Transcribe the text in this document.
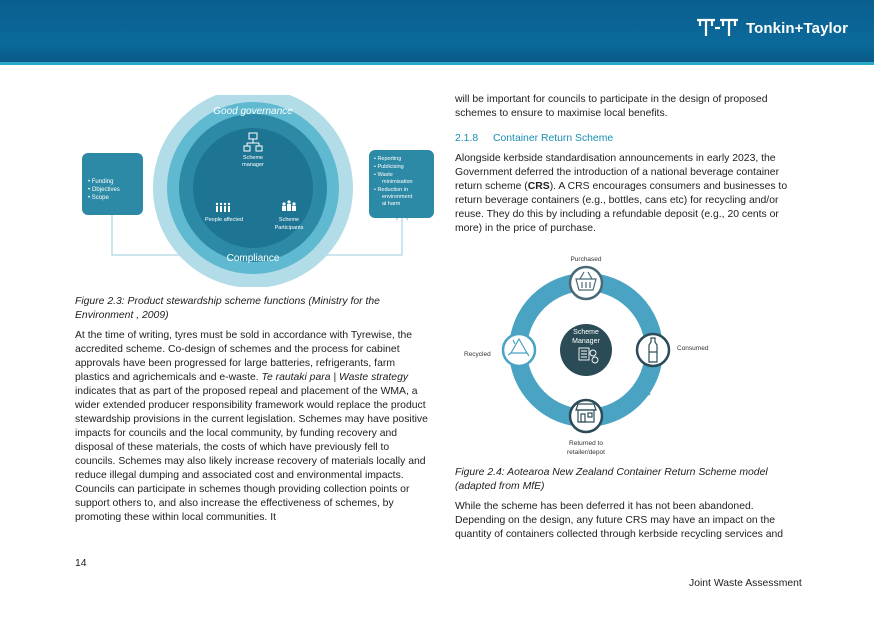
Tonkin+Taylor
Good governance
Compliance
Scheme manager
People affected	Scheme Participants
• Funding • Objectives • Scope
• Reporting • Publicising • Waste minimisation • Reduction in environment al harm

Figure 2.3: Product stewardship scheme functions (Ministry for the Environment , 2009)

At the time of writing, tyres must be sold in accordance with Tyrewise, the accredited scheme. Co-design of schemes and the process for cabinet approvals have been progressed for large batteries, refrigerants, farm plastics and agrichemicals and e-waste. Te rautaki para | Waste strategy indicates that as part of the proposed repeal and placement of the WMA, a wider extended producer responsibility framework would replace the product stewardship provisions in the current legislation. Schemes may have positive impacts for councils and the local community, by funding recovery and disposal of these materials, the costs of which have previously fell to councils. Schemes may also likely increase recovery of materials locally and reduce illegal dumping and associated cost and environmental impacts. Councils can participate in schemes though providing collection points or support others to, and also increase the effectiveness of schemes, by promoting these within local communities. It

will be important for councils to participate in the design of proposed schemes to ensure to maximise local benefits.

2.1.8 Container Return Scheme

Alongside kerbside standardisation announcements in early 2023, the Government deferred the introduction of a national beverage container return scheme (CRS). A CRS encourages consumers and businesses to return beverage containers (e.g., bottles, cans etc) for recycling and/or reuse. They do this by including a refundable deposit (e.g., 20 cents or more) in the price of purchase.

Scheme Manager
Purchased
Consumed
Returned to retailer/depot
Recycled

Figure 2.4: Aotearoa New Zealand Container Return Scheme model (adapted from MfE)

While the scheme has been deferred it has not been abandoned. Depending on the design, any future CRS may have an impact on the quantity of containers collected through kerbside recycling services and

14
Joint Waste Assessment
